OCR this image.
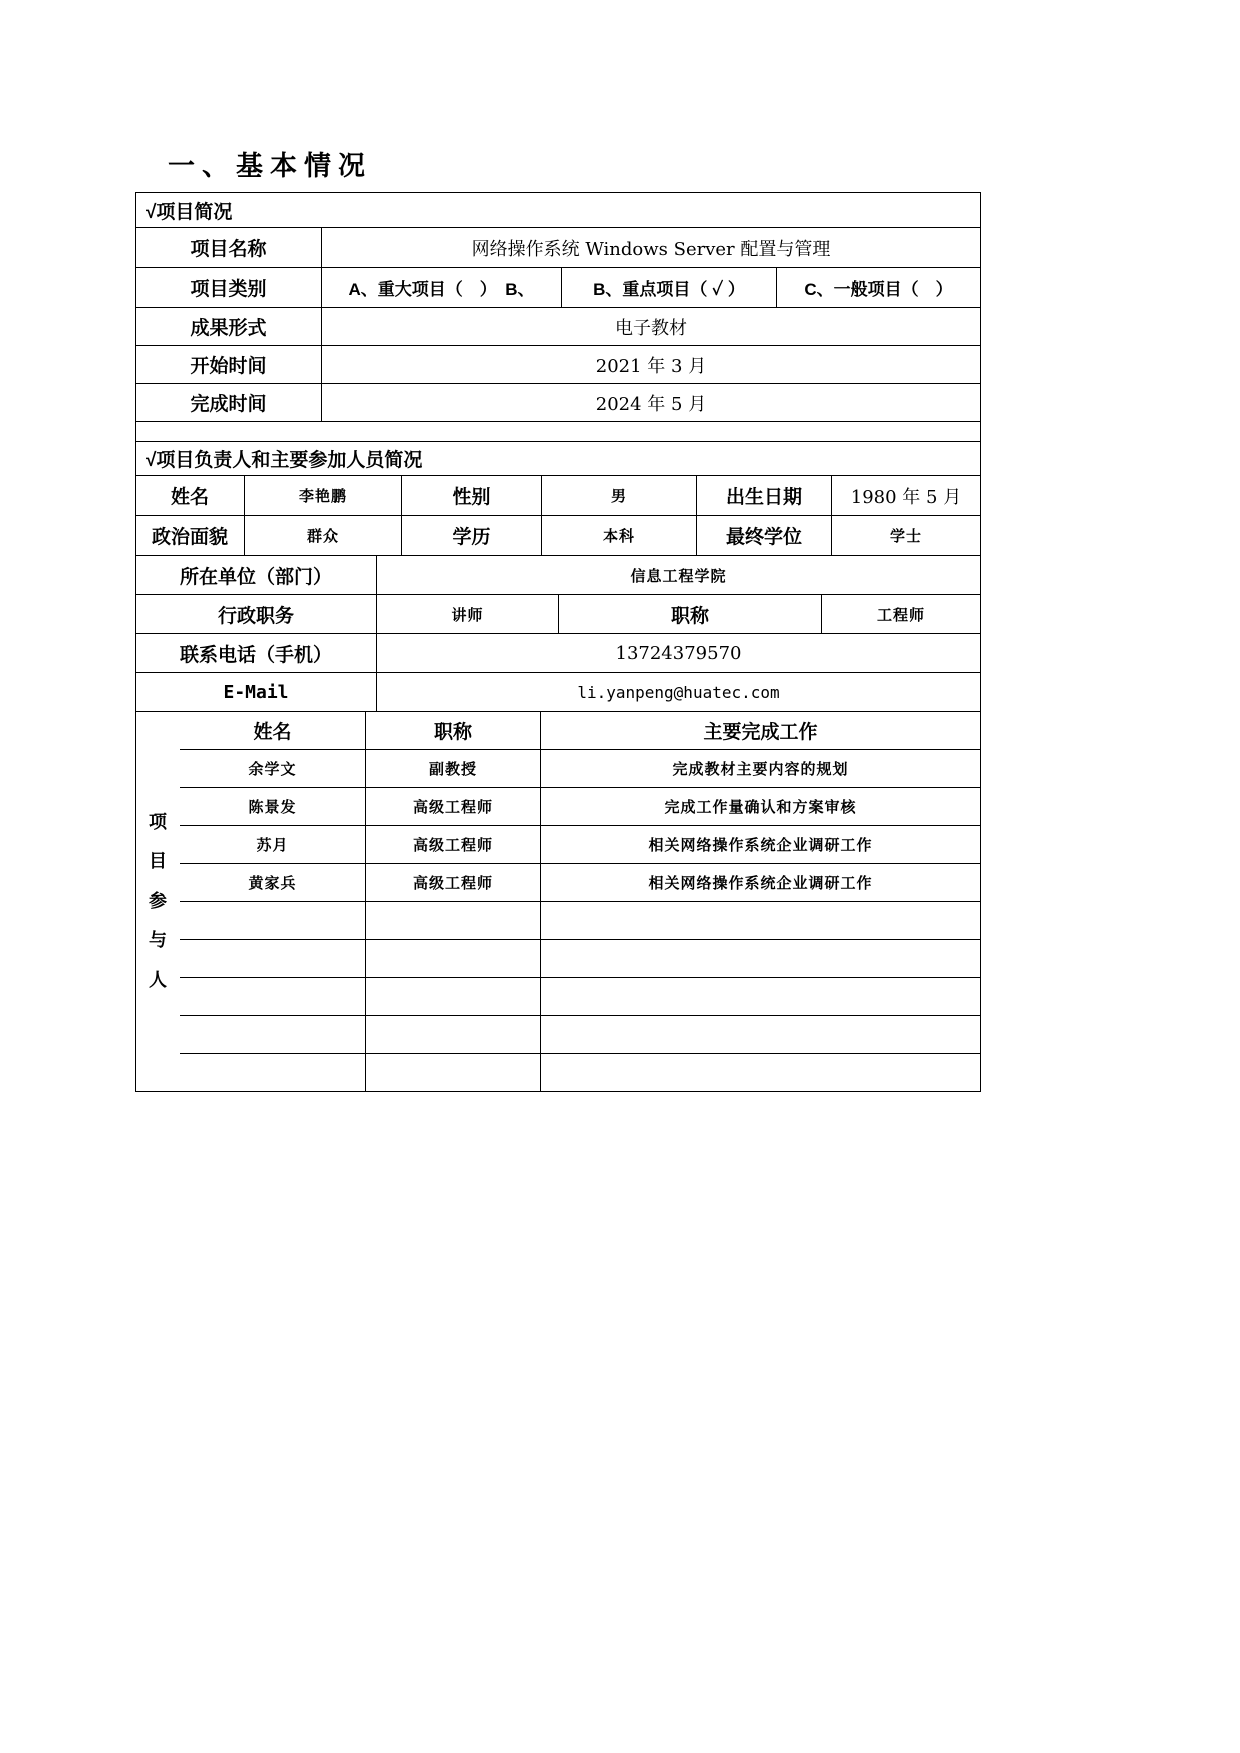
一、基本情况
√项目简况
项目名称	网络操作系统 Windows Server 配置与管理
项目类别	A、重大项目（　）　B、	B、重点项目（ ✓ ）	C、一般项目（　）
成果形式	电子教材
开始时间	2021 年 3 月
完成时间	2024 年 5 月
√项目负责人和主要参加人员简况
姓名	李艳鹏	性别	男	出生日期	1980 年 5 月
政治面貌	群众	学历	本科	最终学位	学士
所在单位（部门）	信息工程学院
行政职务	讲师	职称	工程师
联系电话（手机）	13724379570
E-Mail	li.yanpeng@huatec.com
项目参与人
姓名	职称	主要完成工作
余学文	副教授	完成教材主要内容的规划
陈景发	高级工程师	完成工作量确认和方案审核
苏月	高级工程师	相关网络操作系统企业调研工作
黄家兵	高级工程师	相关网络操作系统企业调研工作
